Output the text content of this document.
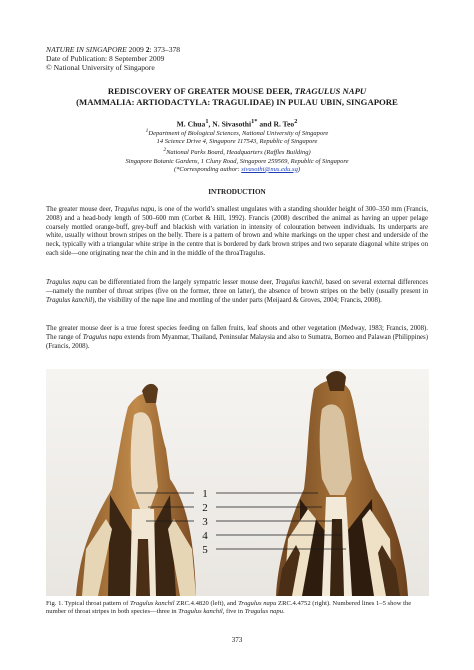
NATURE IN SINGAPORE 2009 2: 373–378
Date of Publication: 8 September 2009
© National University of Singapore
REDISCOVERY OF GREATER MOUSE DEER, TRAGULUS NAPU
(MAMMALIA: ARTIODACTYLA: TRAGULIDAE) IN PULAU UBIN, SINGAPORE
M. Chua$^1$, N. Sivasothi$^{1*}$ and R. Teo$^2$
$^1$Department of Biological Sciences, National University of Singapore
14 Science Drive 4, Singapore 117543, Republic of Singapore
$^2$National Parks Board, Headquarters (Raffles Building)
Singapore Botanic Gardens, 1 Cluny Road, Singapore 259569, Republic of Singapore
(*Corresponding author: sivasothi@nus.edu.sg)
INTRODUCTION

The greater mouse deer, Tragulus napu, is one of the world’s smallest ungulates with a standing shoulder height of 300–350 mm (Francis, 2008) and a head-body length of 500–600 mm (Corbet & Hill, 1992). Francis (2008) described the animal as having an upper pelage coarsely mottled orange-buff, grey-buff and blackish with variation in intensity of colouration between individuals. Its underparts are white, usually without brown stripes on the belly. There is a pattern of brown and white markings on the upper chest and underside of the neck, typically with a triangular white stripe in the centre that is bordered by dark brown stripes and two separate diagonal white stripes on each side—one originating near the chin and in the middle of the throaTragulus.

Tragulus napu can be differentiated from the largely sympatric lesser mouse deer, Tragulus kanchil, based on several external differences—namely the number of throat stripes (five on the former, three on latter), the absence of brown stripes on the belly (usually present in Tragulus kanchil), the visibility of the nape line and mottling of the under parts (Meijaard & Groves, 2004; Francis, 2008).

The greater mouse deer is a true forest species feeding on fallen fruits, leaf shoots and other vegetation (Medway, 1983; Francis, 2008). The range of Tragulus napu extends from Myanmar, Thailand, Peninsular Malaysia and also to Sumatra, Borneo and Palawan (Philippines) (Francis, 2008).

1
2
3
4
5

Fig. 1. Typical throat pattern of Tragulus kanchil ZRC.4.4820 (left), and Tragulus napu ZRC.4.4752 (right). Numbered lines 1–5 show the number of throat stripes in both species—three in Tragulus kanchil, five in Tragulus napu.

373
